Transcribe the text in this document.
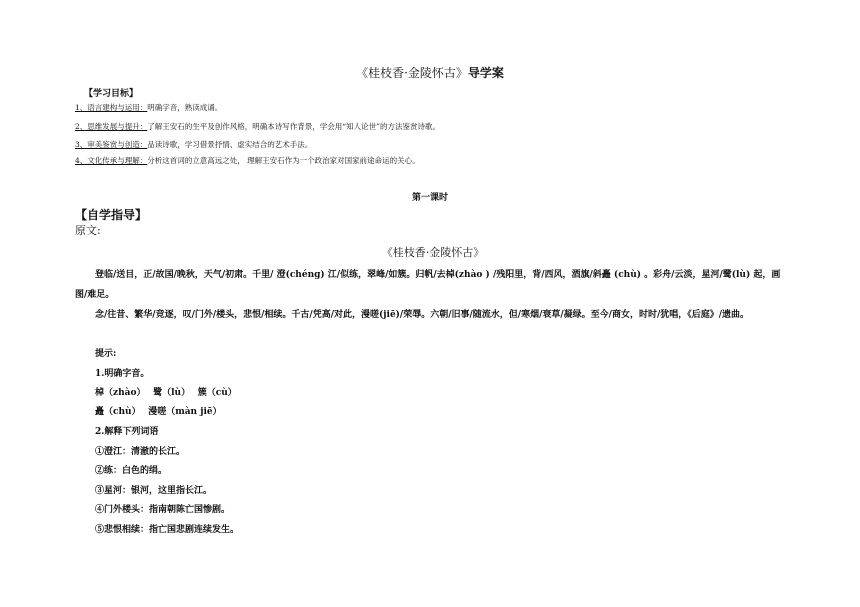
《桂枝香·金陵怀古》导学案
【学习目标】
1、语言建构与运用：明确字音，熟读成诵。
2、思维发展与提升：了解王安石的生平及创作风格，明确本诗写作背景，学会用“知人论世”的方法鉴赏诗歌。
3、审美鉴赏与创造：品读诗歌，学习借景抒情、虚实结合的艺术手法。
4、文化传承与理解：分析这首词的立意高远之处， 理解王安石作为一个政治家对国家前途命运的关心。
第一课时
【自学指导】
原文:
《桂枝香·金陵怀古》
登临/送目，正/故国/晚秋，天气/初肃。千里/ 澄(chéng) 江/似练，翠峰/如簇。归帆/去棹(zhào ) /残阳里，背/西风，酒旗/斜矗 (chù) 。彩舟/云淡，星河/鹭(lù) 起，画图/难足。
念/往昔、繁华/竞逐，叹/门外/楼头，悲恨/相续。千古/凭高/对此，漫嗟(jiē)/荣辱。六朝/旧事/随流水，但/寒烟/衰草/凝绿。至今/商女，时时/犹唱，《后庭》/遗曲。
提示:
1.明确字音。
棹（zhào）　 鹭（lù）　 簇（cù）
矗（chù）　 漫嗟（màn jiē）
2.解释下列词语
①澄江：清澈的长江。
②练：白色的绢。
③星河：银河，这里指长江。
④门外楼头：指南朝陈亡国惨剧。
⑤悲恨相续：指亡国悲剧连续发生。
